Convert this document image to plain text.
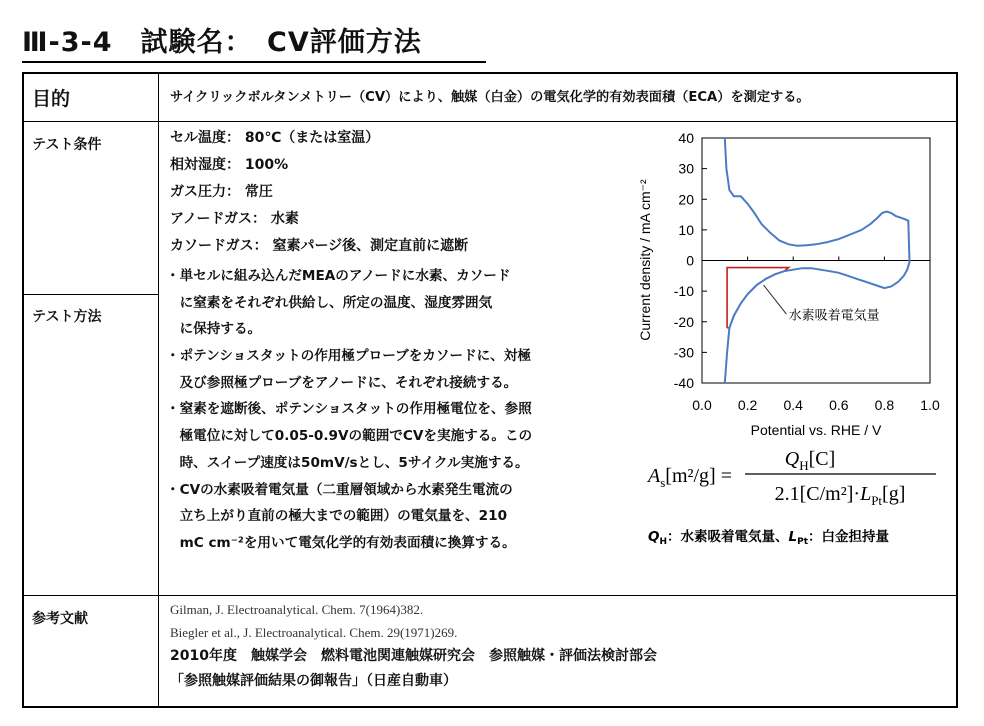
Ⅲ-3-4　試験名：　CV評価方法
目的	サイクリックボルタンメトリー（CV）により、触媒（白金）の電気化学的有効表面積（ECA）を測定する。
テスト条件
テスト方法
参考文献
セル温度： 80℃（または室温）
相対湿度： 100%
ガス圧力： 常圧
アノードガス： 水素
カソードガス： 窒素パージ後、測定直前に遮断
・単セルに組み込んだMEAのアノードに水素、カソード
　に窒素をそれぞれ供給し、所定の温度、湿度雰囲気
　に保持する。
・ポテンショスタットの作用極プローブをカソードに、対極
　及び参照極プローブをアノードに、それぞれ接続する。
・窒素を遮断後、ポテンショスタットの作用極電位を、参照
　極電位に対して0.05-0.9Vの範囲でCVを実施する。この
　時、スイープ速度は50mV/sとし、5サイクル実施する。
・CVの水素吸着電気量（二重層領域から水素発生電流の
　立ち上がり直前の極大までの範囲）の電気量を、210
　mC cm⁻²を用いて電気化学的有効表面積に換算する。
Gilman, J. Electroanalytical. Chem. 7(1964)382.
Biegler et al., J. Electroanalytical. Chem. 29(1971)269.
2010年度　触媒学会　燃料電池関連触媒研究会　参照触媒・評価法検討部会
「参照触媒評価結果の御報告」（日産自動車）
Current density / mA cm⁻²
40
30
20
10
0
-10
-20
-30
-40
0.0 0.2 0.4 0.6 0.8 1.0
水素吸着電気量
Potential vs. RHE / V
$A_s[m^2/g]$ =
$Q_H[C]$
$2.1[C/m^2]\cdot L_{Pt}[g]$
$Q_H$：水素吸着電気量、$L_{Pt}$：白金担持量
